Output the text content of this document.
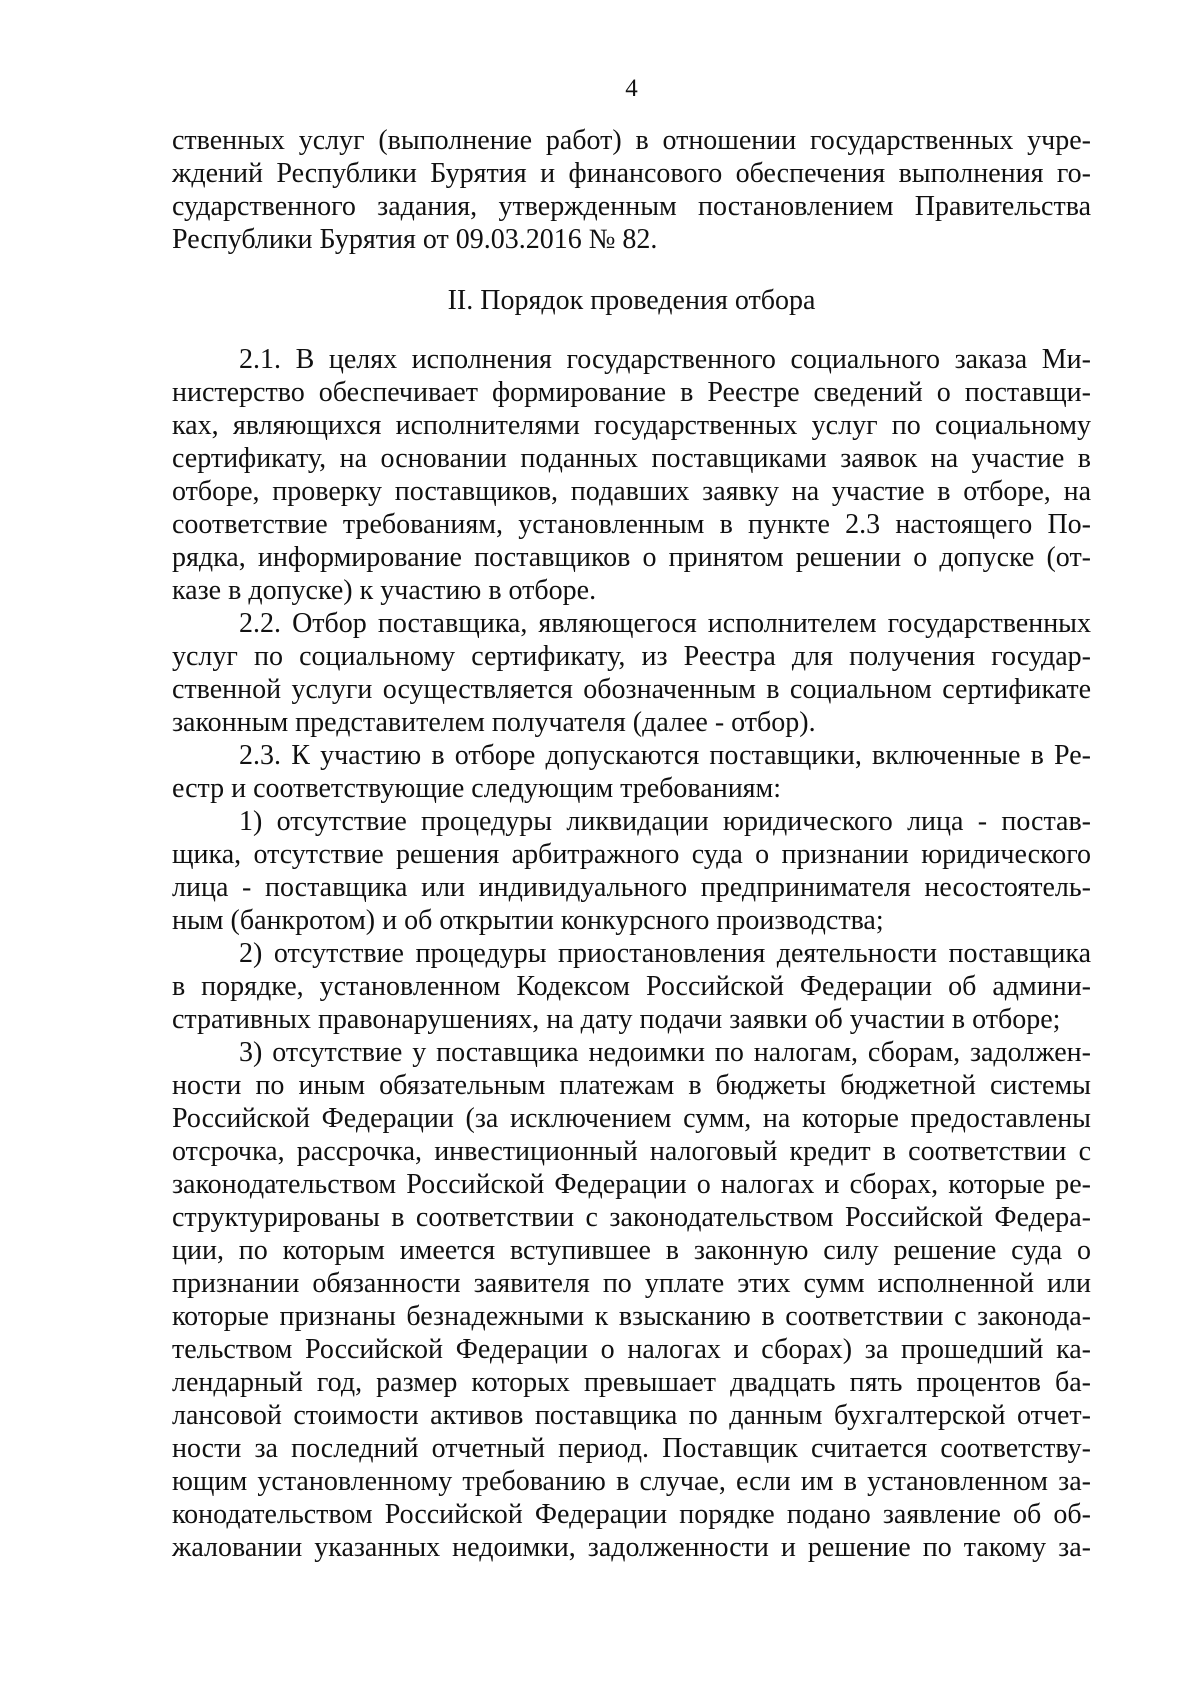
4
ственных услуг (выполнение работ) в отношении государственных учре-
ждений Республики Бурятия и финансового обеспечения выполнения го-
сударственного задания, утвержденным постановлением Правительства
Республики Бурятия от 09.03.2016 № 82.
II. Порядок проведения отбора
2.1. В целях исполнения государственного социального заказа Ми-
нистерство обеспечивает формирование в Реестре сведений о поставщи-
ках, являющихся исполнителями государственных услуг по социальному
сертификату, на основании поданных поставщиками заявок на участие в
отборе, проверку поставщиков, подавших заявку на участие в отборе, на
соответствие требованиям, установленным в пункте 2.3 настоящего По-
рядка, информирование поставщиков о принятом решении о допуске (от-
казе в допуске) к участию в отборе.
2.2. Отбор поставщика, являющегося исполнителем государственных
услуг по социальному сертификату, из Реестра для получения государ-
ственной услуги осуществляется обозначенным в социальном сертификате
законным представителем получателя (далее - отбор).
2.3. К участию в отборе допускаются поставщики, включенные в Ре-
естр и соответствующие следующим требованиям:
1) отсутствие процедуры ликвидации юридического лица - постав-
щика, отсутствие решения арбитражного суда о признании юридического
лица - поставщика или индивидуального предпринимателя несостоятель-
ным (банкротом) и об открытии конкурсного производства;
2) отсутствие процедуры приостановления деятельности поставщика
в порядке, установленном Кодексом Российской Федерации об админи-
стративных правонарушениях, на дату подачи заявки об участии в отборе;
3) отсутствие у поставщика недоимки по налогам, сборам, задолжен-
ности по иным обязательным платежам в бюджеты бюджетной системы
Российской Федерации (за исключением сумм, на которые предоставлены
отсрочка, рассрочка, инвестиционный налоговый кредит в соответствии с
законодательством Российской Федерации о налогах и сборах, которые ре-
структурированы в соответствии с законодательством Российской Федера-
ции, по которым имеется вступившее в законную силу решение суда о
признании обязанности заявителя по уплате этих сумм исполненной или
которые признаны безнадежными к взысканию в соответствии с законода-
тельством Российской Федерации о налогах и сборах) за прошедший ка-
лендарный год, размер которых превышает двадцать пять процентов ба-
лансовой стоимости активов поставщика по данным бухгалтерской отчет-
ности за последний отчетный период. Поставщик считается соответству-
ющим установленному требованию в случае, если им в установленном за-
конодательством Российской Федерации порядке подано заявление об об-
жаловании указанных недоимки, задолженности и решение по такому за-
